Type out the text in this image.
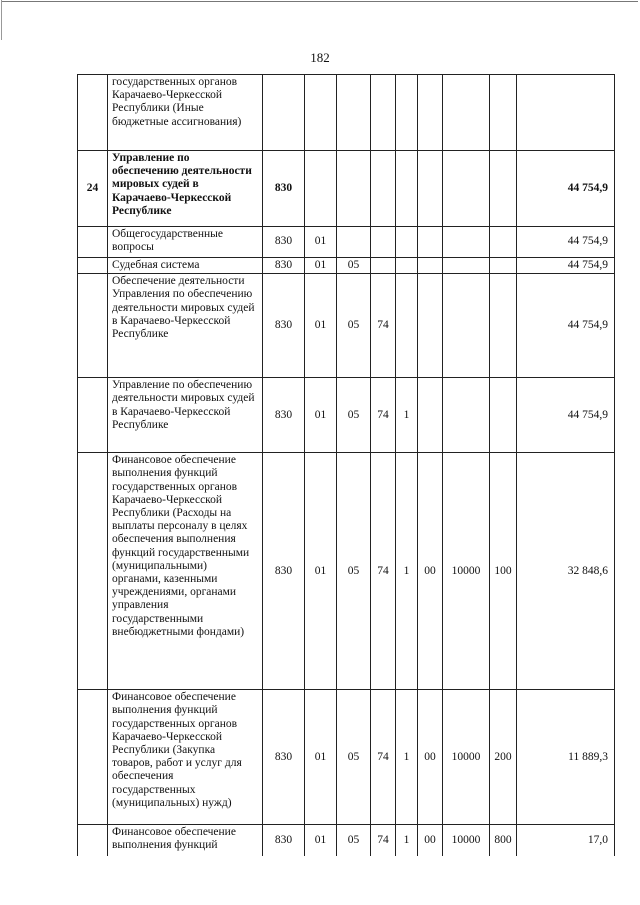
182
	государственных органов Карачаево-Черкесской Республики (Иные бюджетные ассигнования)									
24	Управление по обеспечению деятельности мировых судей в Карачаево-Черкесской Республике	830								44 754,9
	Общегосударственные вопросы	830	01							44 754,9
	Судебная система	830	01	05						44 754,9
	Обеспечение деятельности Управления по обеспечению деятельности мировых судей в Карачаево-Черкесской Республике	830	01	05	74					44 754,9
	Управление по обеспечению деятельности мировых судей в Карачаево-Черкесской Республике	830	01	05	74	1				44 754,9
	Финансовое обеспечение выполнения функций государственных органов Карачаево-Черкесской Республики (Расходы на выплаты персоналу в целях обеспечения выполнения функций государственными (муниципальными) органами, казенными учреждениями, органами управления государственными внебюджетными фондами)	830	01	05	74	1	00	10000	100	32 848,6
	Финансовое обеспечение выполнения функций государственных органов Карачаево-Черкесской Республики (Закупка товаров, работ и услуг для обеспечения государственных (муниципальных) нужд)	830	01	05	74	1	00	10000	200	11 889,3
	Финансовое обеспечение выполнения функций	830	01	05	74	1	00	10000	800	17,0
